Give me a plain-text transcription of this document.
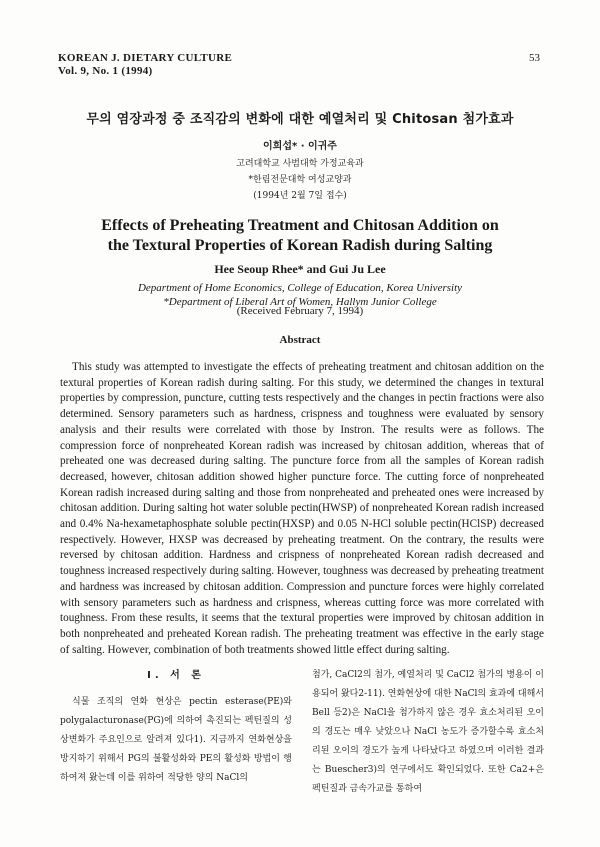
KOREAN J. DIETARY CULTURE
Vol. 9, No. 1 (1994)
53
무의 염장과정 중 조직감의 변화에 대한 예열처리 및 Chitosan 첨가효과
이희섭* · 이귀주
고려대학교 사범대학 가정교육과
*한림전문대학 여성교양과
(1994년 2월 7일 접수)
Effects of Preheating Treatment and Chitosan Addition on
the Textural Properties of Korean Radish during Salting
Hee Seoup Rhee* and Gui Ju Lee
Department of Home Economics, College of Education, Korea University
*Department of Liberal Art of Women, Hallym Junior College
(Received February 7, 1994)
Abstract
This study was attempted to investigate the effects of preheating treatment and chitosan addition on the textural properties of Korean radish during salting. For this study, we determined the changes in textural properties by compression, puncture, cutting tests respectively and the changes in pectin fractions were also determined. Sensory parameters such as hardness, crispness and toughness were evaluated by sensory analysis and their results were correlated with those by Instron. The results were as follows. The compression force of nonpreheated Korean radish was increased by chitosan addition, whereas that of preheated one was decreased during salting. The puncture force from all the samples of Korean radish decreased, however, chitosan addition showed higher puncture force. The cutting force of nonpreheated Korean radish increased during salting and those from nonpreheated and preheated ones were increased by chitosan addition. During salting hot water soluble pectin(HWSP) of nonpreheated Korean radish increased and 0.4% Na-hexametaphosphate soluble pectin(HXSP) and 0.05 N-HCl soluble pectin(HClSP) decreased respectively. However, HXSP was decreased by preheating treatment. On the contrary, the results were reversed by chitosan addition. Hardness and crispness of nonpreheated Korean radish decreased and toughness increased respectively during salting. However, toughness was decreased by preheating treatment and hardness was increased by chitosan addition. Compression and puncture forces were highly correlated with sensory parameters such as hardness and crispness, whereas cutting force was more correlated with toughness. From these results, it seems that the textural properties were improved by chitosan addition in both nonpreheated and preheated Korean radish. The preheating treatment was effective in the early stage of salting. However, combination of both treatments showed little effect during salting.
I. 서 론
식물 조직의 연화 현상은 pectin esterase(PE)와 polygalacturonase(PG)에 의하여 촉진되는 펙틴질의 성상변화가 주요인으로 알려져 있다1). 지금까지 연화현상을 방지하기 위해서 PG의 불활성화와 PE의 활성화 방법이 행하여져 왔는데 이를 위하여 적당한 양의 NaCl의
첨가, CaCl2의 첨가, 예열처리 및 CaCl2 첨가의 병용이 이용되어 왔다2-11). 연화현상에 대한 NaCl의 효과에 대해서 Bell 등2)은 NaCl을 첨가하지 않은 경우 효소처리된 오이의 경도는 매우 낮았으나 NaCl 농도가 증가할수록 효소처리된 오이의 경도가 높게 나타났다고 하였으며 이러한 결과는 Buescher3)의 연구에서도 확인되었다. 또한 Ca2+은 펙틴질과 금속가교를 통하여
